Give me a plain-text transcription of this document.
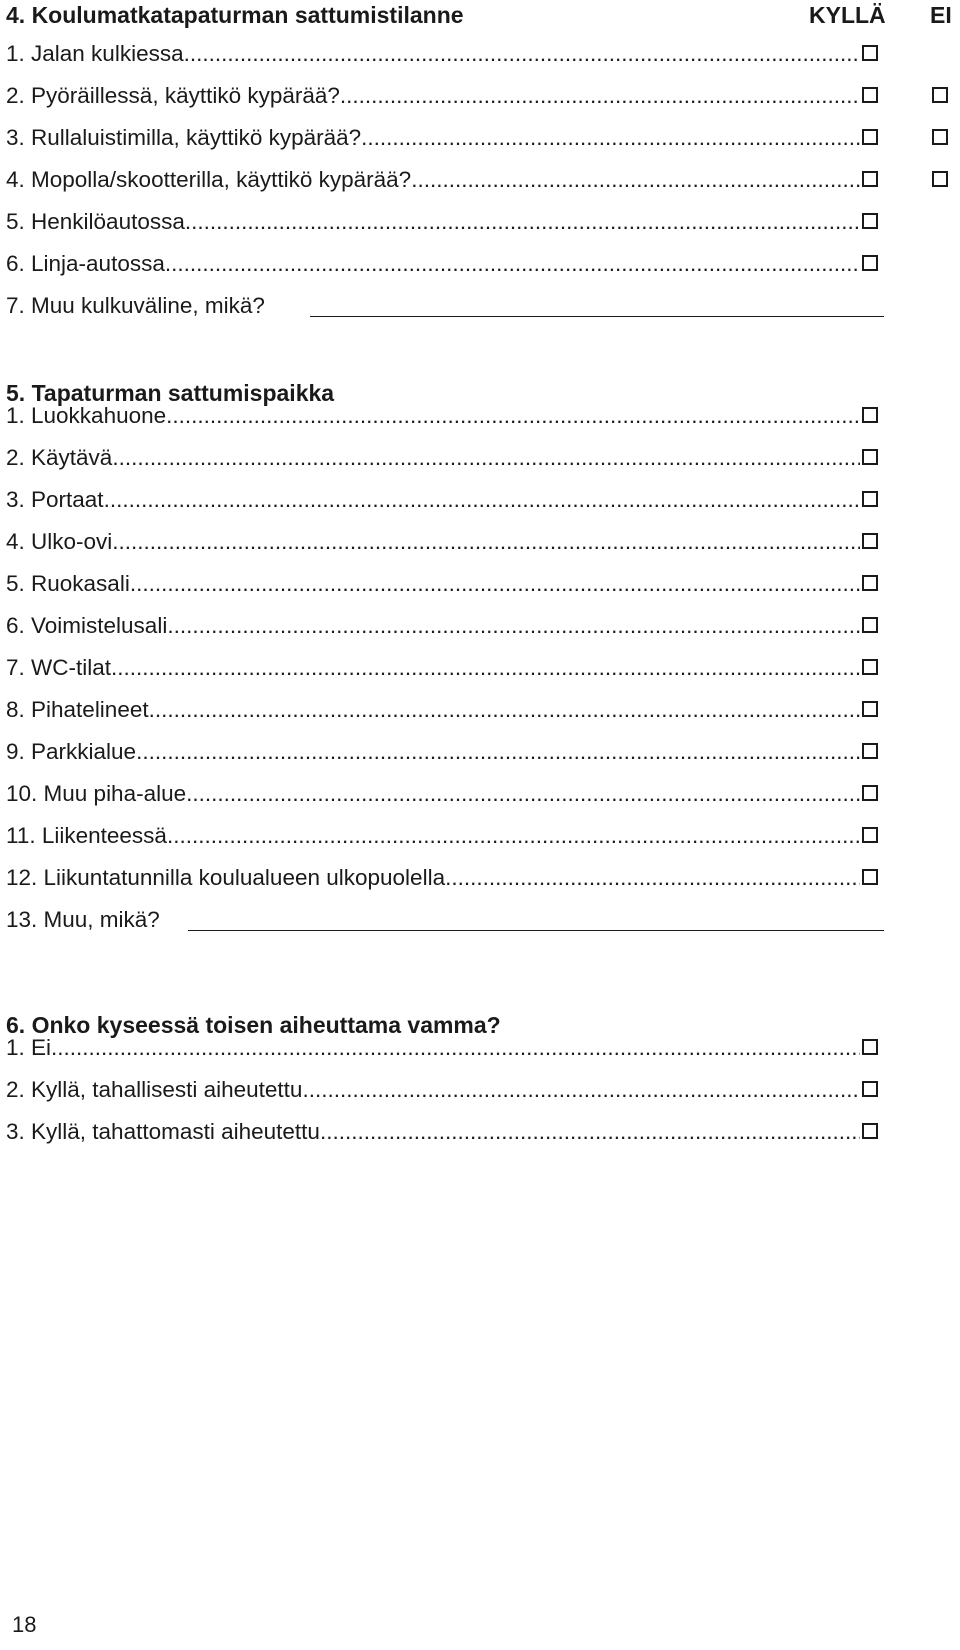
4. Koulumatkatapaturman sattumistilanne	KYLLÄ EI
1. Jalan kulkiessa
.....
2. Pyöräillessä, käyttikö kypärää?
.....
3. Rullaluistimilla, käyttikö kypärää?
.....
4. Mopolla/skootterilla, käyttikö kypärää?
.....
5. Henkilöautossa
.....
6. Linja-autossa
.....
7. Muu kulkuväline, mikä?
5. Tapaturman sattumispaikka
1. Luokkahuone
.....
2. Käytävä
.....
3. Portaat
.....
4. Ulko-ovi
.....
5. Ruokasali
.....
6. Voimistelusali
.....
7. WC-tilat
.....
8. Pihatelineet
.....
9. Parkkialue
.....
10. Muu piha-alue
.....
11. Liikenteessä
.....
12. Liikuntatunnilla koulualueen ulkopuolella
.....
13. Muu, mikä?
6. Onko kyseessä toisen aiheuttama vamma?
1. Ei
.....
2. Kyllä, tahallisesti aiheutettu
.....
3. Kyllä, tahattomasti aiheutettu
.....
18
